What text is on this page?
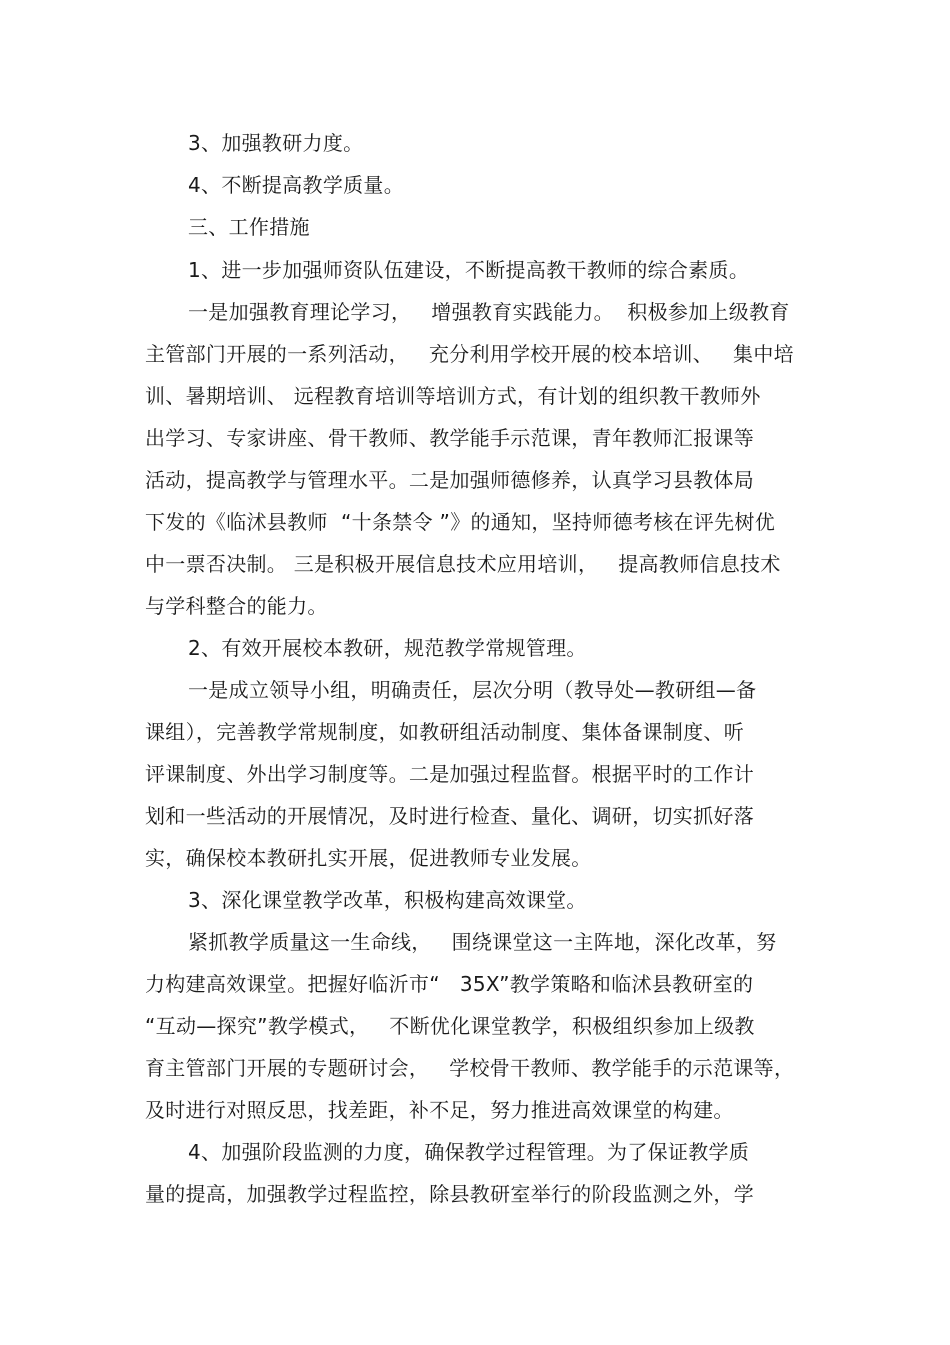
3、加强教研力度。
4、不断提高教学质量。
三、工作措施
1、进一步加强师资队伍建设，不断提高教干教师的综合素质。
一是加强教育理论学习，   增强教育实践能力。  积极参加上级教育
主管部门开展的一系列活动，   充分利用学校开展的校本培训、   集中培
训、暑期培训、 远程教育培训等培训方式，有计划的组织教干教师外
出学习、专家讲座、骨干教师、教学能手示范课，青年教师汇报课等
活动，提高教学与管理水平。二是加强师德修养，认真学习县教体局
下发的《临沭县教师  “十条禁令 ”》的通知，坚持师德考核在评先树优
中一票否决制。 三是积极开展信息技术应用培训，   提高教师信息技术
与学科整合的能力。
2、有效开展校本教研，规范教学常规管理。
一是成立领导小组，明确责任，层次分明（教导处—教研组—备
课组），完善教学常规制度，如教研组活动制度、集体备课制度、听
评课制度、外出学习制度等。二是加强过程监督。根据平时的工作计
划和一些活动的开展情况，及时进行检查、量化、调研，切实抓好落
实，确保校本教研扎实开展，促进教师专业发展。
3、深化课堂教学改革，积极构建高效课堂。
紧抓教学质量这一生命线，   围绕课堂这一主阵地，深化改革，努
力构建高效课堂。把握好临沂市“   35X”教学策略和临沭县教研室的
“互动—探究”教学模式，   不断优化课堂教学，积极组织参加上级教
育主管部门开展的专题研讨会，   学校骨干教师、教学能手的示范课等，
及时进行对照反思，找差距，补不足，努力推进高效课堂的构建。
4、加强阶段监测的力度，确保教学过程管理。为了保证教学质
量的提高，加强教学过程监控，除县教研室举行的阶段监测之外，学
